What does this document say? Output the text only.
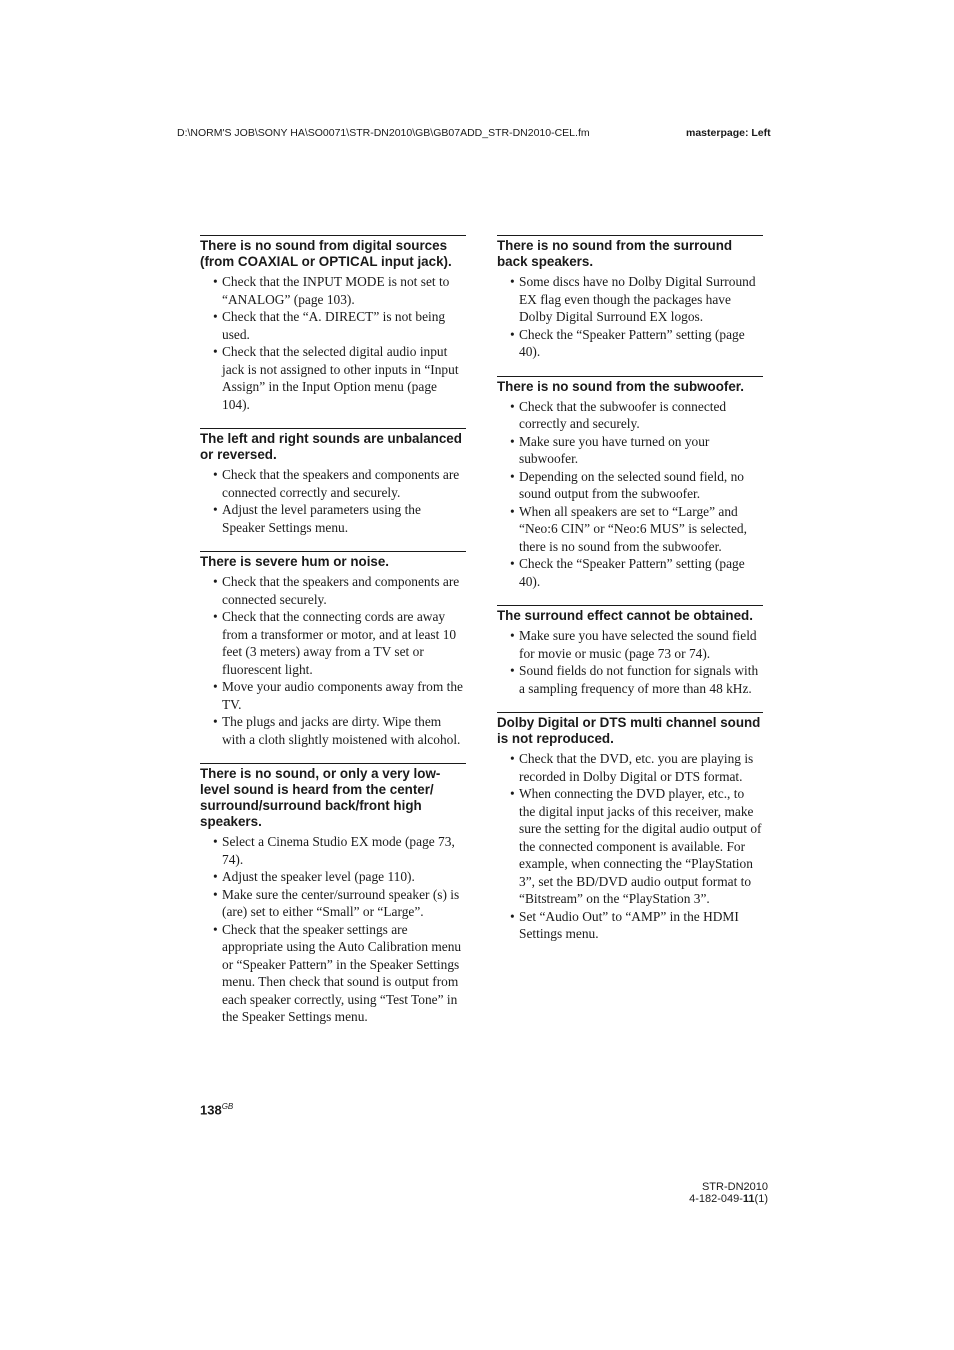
D:\NORM'S JOB\SONY HA\SO0071\STR-DN2010\GB\GB07ADD_STR-DN2010-CEL.fm	masterpage: Left
There is no sound from digital sources (from COAXIAL or OPTICAL input jack).
• Check that the INPUT MODE is not set to “ANALOG” (page 103).
• Check that the “A. DIRECT” is not being used.
• Check that the selected digital audio input jack is not assigned to other inputs in “Input Assign” in the Input Option menu (page 104).
The left and right sounds are unbalanced or reversed.
• Check that the speakers and components are connected correctly and securely.
• Adjust the level parameters using the Speaker Settings menu.
There is severe hum or noise.
• Check that the speakers and components are connected securely.
• Check that the connecting cords are away from a transformer or motor, and at least 10 feet (3 meters) away from a TV set or fluorescent light.
• Move your audio components away from the TV.
• The plugs and jacks are dirty. Wipe them with a cloth slightly moistened with alcohol.
There is no sound, or only a very low-level sound is heard from the center/ surround/surround back/front high speakers.
• Select a Cinema Studio EX mode (page 73, 74).
• Adjust the speaker level (page 110).
• Make sure the center/surround speaker (s) is (are) set to either “Small” or “Large”.
• Check that the speaker settings are appropriate using the Auto Calibration menu or “Speaker Pattern” in the Speaker Settings menu. Then check that sound is output from each speaker correctly, using “Test Tone” in the Speaker Settings menu.
There is no sound from the surround back speakers.
• Some discs have no Dolby Digital Surround EX flag even though the packages have Dolby Digital Surround EX logos.
• Check the “Speaker Pattern” setting (page 40).
There is no sound from the subwoofer.
• Check that the subwoofer is connected correctly and securely.
• Make sure you have turned on your subwoofer.
• Depending on the selected sound field, no sound output from the subwoofer.
• When all speakers are set to “Large” and “Neo:6 CIN” or “Neo:6 MUS” is selected, there is no sound from the subwoofer.
• Check the “Speaker Pattern” setting (page 40).
The surround effect cannot be obtained.
• Make sure you have selected the sound field for movie or music (page 73 or 74).
• Sound fields do not function for signals with a sampling frequency of more than 48 kHz.
Dolby Digital or DTS multi channel sound is not reproduced.
• Check that the DVD, etc. you are playing is recorded in Dolby Digital or DTS format.
• When connecting the DVD player, etc., to the digital input jacks of this receiver, make sure the setting for the digital audio output of the connected component is available. For example, when connecting the “PlayStation 3”, set the BD/DVD audio output format to “Bitstream” on the “PlayStation 3”.
• Set “Audio Out” to “AMP” in the HDMI Settings menu.
$138^{GB}$
STR-DN2010
4-182-049-11(1)
